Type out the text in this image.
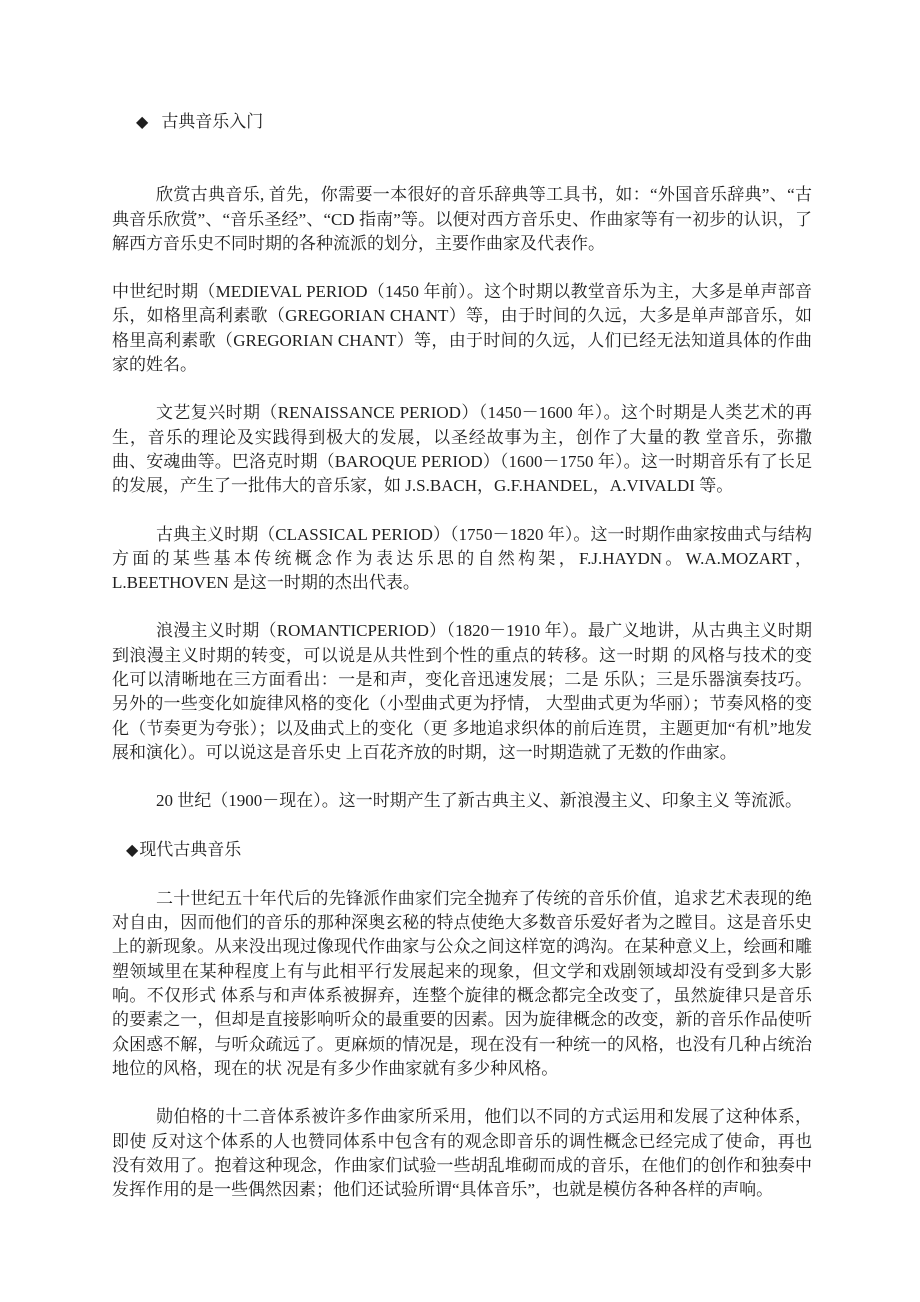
◆ 古典音乐入门

欣赏古典音乐, 首先，你需要一本很好的音乐辞典等工具书，如：“外国音乐辞典”、“古典音乐欣赏”、“音乐圣经”、“CD 指南”等。以便对西方音乐史、作曲家等有一初步的认识，了解西方音乐史不同时期的各种流派的划分，主要作曲家及代表作。

中世纪时期（MEDIEVAL PERIOD（1450 年前）。这个时期以教堂音乐为主，大多是单声部音乐，如格里高利素歌（GREGORIAN CHANT）等，由于时间的久远，大多是单声部音乐，如格里高利素歌（GREGORIAN CHANT）等，由于时间的久远，人们已经无法知道具体的作曲家的姓名。

文艺复兴时期（RENAISSANCE PERIOD）（1450－1600 年）。这个时期是人类艺术的再生，音乐的理论及实践得到极大的发展，以圣经故事为主，创作了大量的教 堂音乐，弥撒曲、安魂曲等。巴洛克时期（BAROQUE PERIOD）（1600－1750 年）。这一时期音乐有了长足的发展，产生了一批伟大的音乐家，如 J.S.BACH，G.F.HANDEL，A.VIVALDI 等。

古典主义时期（CLASSICAL PERIOD）（1750－1820 年）。这一时期作曲家按曲式与结构方面的某些基本传统概念作为表达乐思的自然构架，F.J.HAYDN。W.A.MOZART，L.BEETHOVEN 是这一时期的杰出代表。

浪漫主义时期（ROMANTICPERIOD）（1820－1910 年）。最广义地讲，从古典主义时期到浪漫主义时期的转变，可以说是从共性到个性的重点的转移。这一时期 的风格与技术的变化可以清晰地在三方面看出：一是和声，变化音迅速发展；二是 乐队；三是乐器演奏技巧。另外的一些变化如旋律风格的变化（小型曲式更为抒情， 大型曲式更为华丽）；节奏风格的变化（节奏更为夸张）；以及曲式上的变化（更 多地追求织体的前后连贯，主题更加“有机”地发展和演化）。可以说这是音乐史 上百花齐放的时期，这一时期造就了无数的作曲家。

20 世纪（1900－现在）。这一时期产生了新古典主义、新浪漫主义、印象主义 等流派。

◆现代古典音乐

二十世纪五十年代后的先锋派作曲家们完全抛弃了传统的音乐价值，追求艺术表现的绝对自由，因而他们的音乐的那种深奥玄秘的特点使绝大多数音乐爱好者为之瞠目。这是音乐史上的新现象。从来没出现过像现代作曲家与公众之间这样宽的鸿沟。在某种意义上，绘画和雕塑领域里在某种程度上有与此相平行发展起来的现象，但文学和戏剧领域却没有受到多大影响。不仅形式 体系与和声体系被摒弃，连整个旋律的概念都完全改变了，虽然旋律只是音乐的要素之一，但却是直接影响听众的最重要的因素。因为旋律概念的改变，新的音乐作品使听众困惑不解，与听众疏远了。更麻烦的情况是，现在没有一种统一的风格，也没有几种占统治地位的风格，现在的状 况是有多少作曲家就有多少种风格。

勋伯格的十二音体系被许多作曲家所采用，他们以不同的方式运用和发展了这种体系，即使 反对这个体系的人也赞同体系中包含有的观念即音乐的调性概念已经完成了使命，再也没有效用了。抱着这种现念，作曲家们试验一些胡乱堆砌而成的音乐，在他们的创作和独奏中发挥作用的是一些偶然因素；他们还试验所谓“具体音乐”，也就是模仿各种各样的声响。
